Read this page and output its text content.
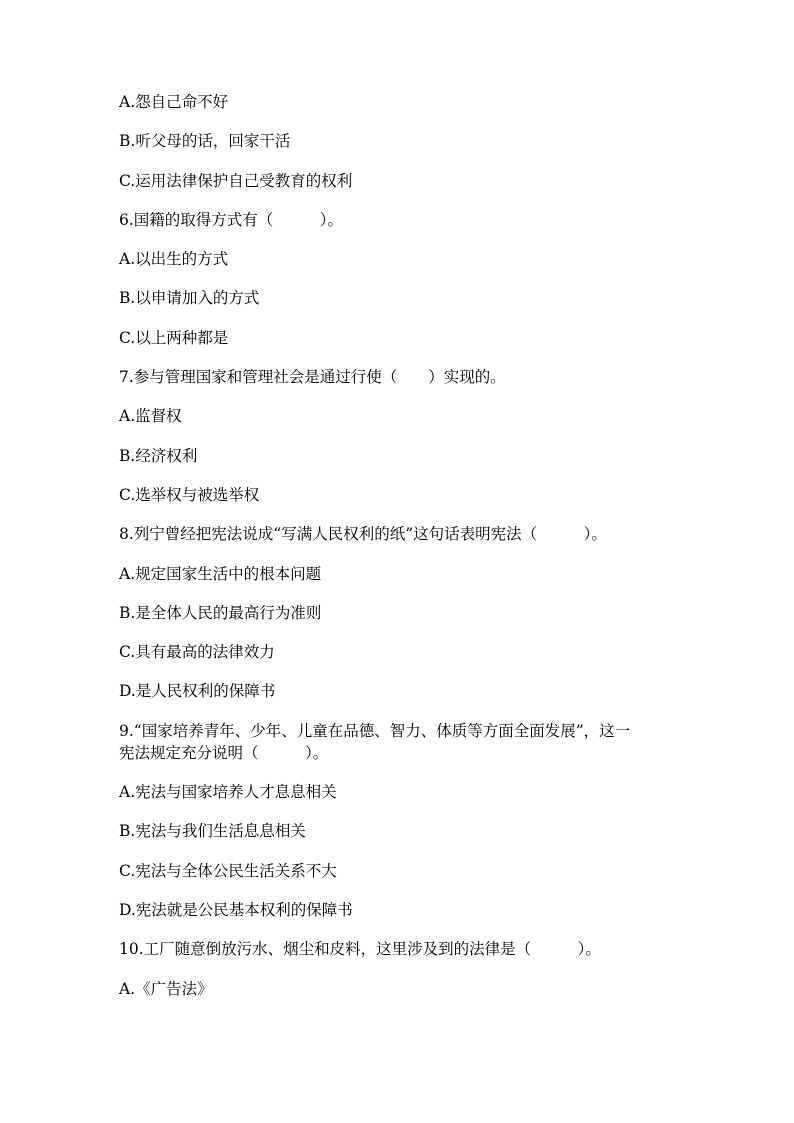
A.怨自己命不好
B.听父母的话，回家干活
C.运用法律保护自己受教育的权利
6.国籍的取得方式有（　　　）。
A.以出生的方式
B.以申请加入的方式
C.以上两种都是
7.参与管理国家和管理社会是通过行使（　　）实现的。
A.监督权
B.经济权利
C.选举权与被选举权
8.列宁曾经把宪法说成“写满人民权利的纸”这句话表明宪法（　　　）。
A.规定国家生活中的根本问题
B.是全体人民的最高行为准则
C.具有最高的法律效力
D.是人民权利的保障书
9.“国家培养青年、少年、儿童在品德、智力、体质等方面全面发展”，这一
宪法规定充分说明（　　　）。
A.宪法与国家培养人才息息相关
B.宪法与我们生活息息相关
C.宪法与全体公民生活关系不大
D.宪法就是公民基本权利的保障书
10.工厂随意倒放污水、烟尘和皮料，这里涉及到的法律是（　　　）。
A.《广告法》
